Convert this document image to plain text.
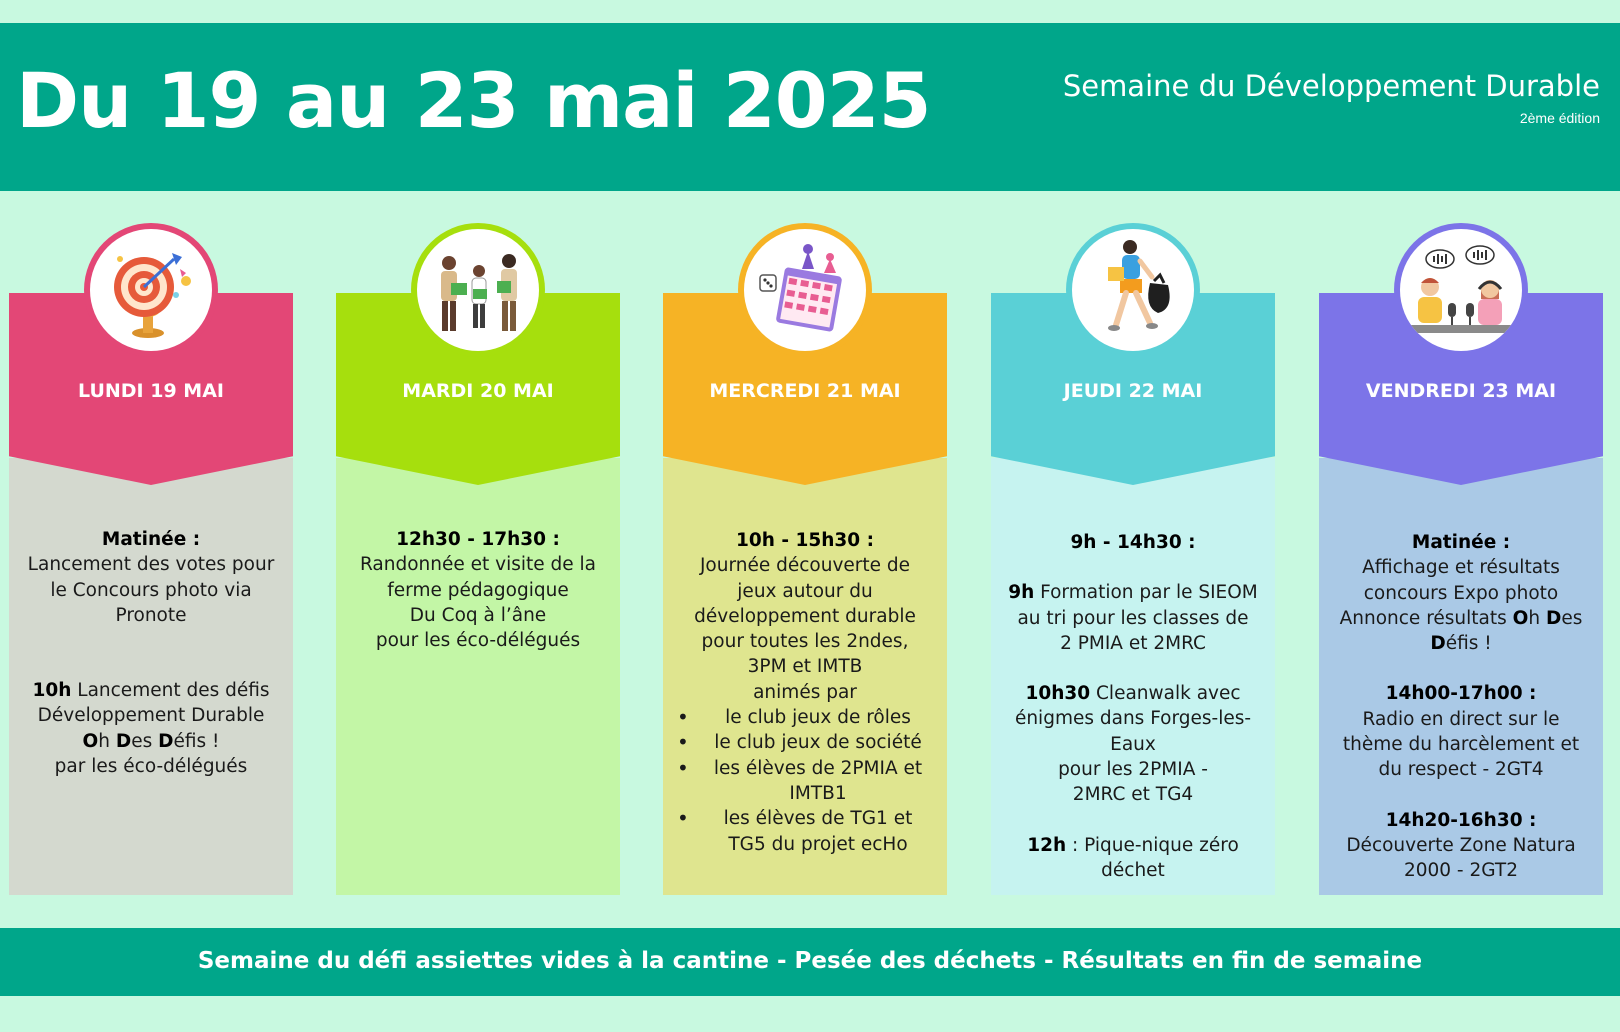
Du 19 au 23 mai 2025	Semaine du Développement Durable
2ème édition
LUNDI 19 MAI
Matinée :
Lancement des votes pour
le Concours photo via
Pronote
10h Lancement des défis
Développement Durable
Oh Des Défis !
par les éco-délégués
MARDI 20 MAI
12h30 - 17h30 :
Randonnée et visite de la
ferme pédagogique
Du Coq à l’âne
pour les éco-délégués
MERCREDI 21 MAI
10h - 15h30 :
Journée découverte de
jeux autour du
développement durable
pour toutes les 2ndes,
3PM et IMTB
animés par
• le club jeux de rôles
• le club jeux de société
• les élèves de 2PMIA et
IMTB1
• les élèves de TG1 et
TG5 du projet ecHo
JEUDI 22 MAI
9h - 14h30 :
9h Formation par le SIEOM
au tri pour les classes de
2 PMIA et 2MRC
10h30 Cleanwalk avec
énigmes dans Forges-les-
Eaux
pour les 2PMIA -
2MRC et TG4
12h : Pique-nique zéro
déchet
VENDREDI 23 MAI
Matinée :
Affichage et résultats
concours Expo photo
Annonce résultats Oh Des
Défis !
14h00-17h00 :
Radio en direct sur le
thème du harcèlement et
du respect - 2GT4
14h20-16h30 :
Découverte Zone Natura
2000 - 2GT2
Semaine du défi assiettes vides à la cantine - Pesée des déchets - Résultats en fin de semaine
